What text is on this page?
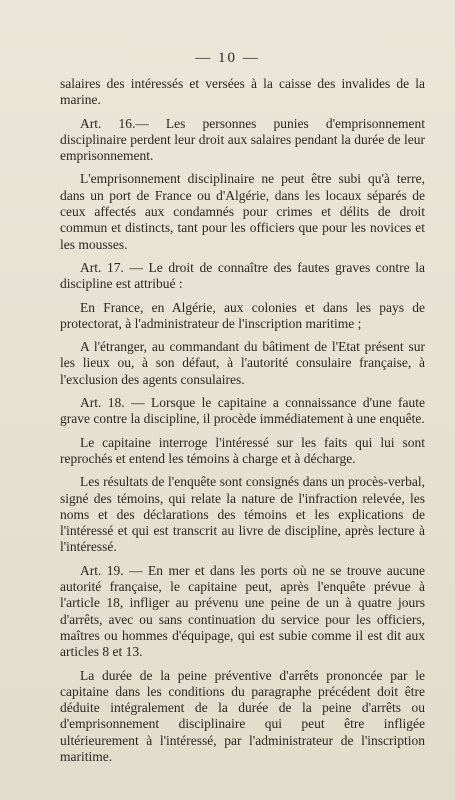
— 10 —

salaires des intéressés et versées à la caisse des invalides de la marine.

Art. 16.— Les personnes punies d'emprisonnement disciplinaire perdent leur droit aux salaires pendant la durée de leur emprisonnement.

L'emprisonnement disciplinaire ne peut être subi qu'à terre, dans un port de France ou d'Algérie, dans les locaux séparés de ceux affectés aux condamnés pour crimes et délits de droit commun et distincts, tant pour les officiers que pour les novices et les mousses.

Art. 17. — Le droit de connaître des fautes graves contre la discipline est attribué :

En France, en Algérie, aux colonies et dans les pays de protectorat, à l'administrateur de l'inscription maritime ;

A l'étranger, au commandant du bâtiment de l'Etat présent sur les lieux ou, à son défaut, à l'autorité consulaire française, à l'exclusion des agents consulaires.

Art. 18. — Lorsque le capitaine a connaissance d'une faute grave contre la discipline, il procède immédiatement à une enquête.

Le capitaine interroge l'intéressé sur les faits qui lui sont reprochés et entend les témoins à charge et à décharge.

Les résultats de l'enquête sont consignés dans un procès-verbal, signé des témoins, qui relate la nature de l'infraction relevée, les noms et des déclarations des témoins et les explications de l'intéressé et qui est transcrit au livre de discipline, après lecture à l'intéressé.

Art. 19. — En mer et dans les ports où ne se trouve aucune autorité française, le capitaine peut, après l'enquête prévue à l'article 18, infliger au prévenu une peine de un à quatre jours d'arrêts, avec ou sans continuation du service pour les officiers, maîtres ou hommes d'équipage, qui est subie comme il est dit aux articles 8 et 13.

La durée de la peine préventive d'arrêts prononcée par le capitaine dans les conditions du paragraphe précédent doit être déduite intégralement de la durée de la peine d'arrêts ou d'emprisonnement disciplinaire qui peut être infligée ultérieurement à l'intéressé, par l'administrateur de l'inscription maritime.
